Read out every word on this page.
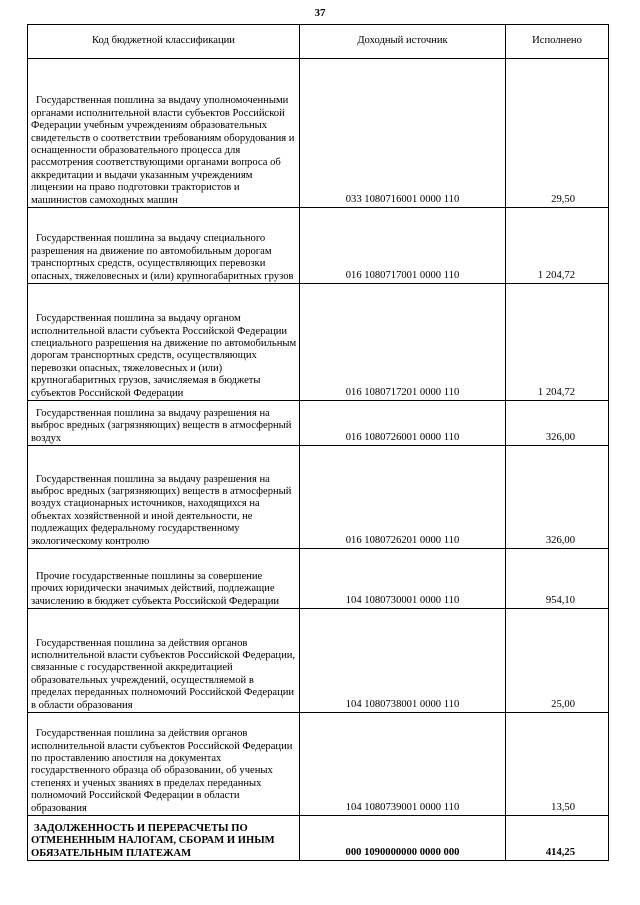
37
Код бюджетной классификации	Доходный источник	Исполнено

Государственная пошлина за выдачу уполномоченными органами исполнительной власти субъектов Российской Федерации учебным учреждениям образовательных свидетельств о соответствии требованиям оборудования и оснащенности образовательного процесса для рассмотрения соответствующими органами вопроса об аккредитации и выдачи указанным учреждениям лицензии на право подготовки трактористов и машинистов самоходных машин	033 1080716001 0000 110	29,50

Государственная пошлина за выдачу специального разрешения на движение по автомобильным дорогам транспортных средств, осуществляющих перевозки опасных, тяжеловесных и (или) крупногабаритных грузов	016 1080717001 0000 110	1 204,72

Государственная пошлина за выдачу органом исполнительной власти субъекта Российской Федерации специального разрешения на движение по автомобильным дорогам транспортных средств, осуществляющих перевозки опасных, тяжеловесных и (или) крупногабаритных грузов, зачисляемая в бюджеты субъектов Российской Федерации	016 1080717201 0000 110	1 204,72

Государственная пошлина за выдачу разрешения на выброс вредных (загрязняющих) веществ в атмосферный воздух	016 1080726001 0000 110	326,00

Государственная пошлина за выдачу разрешения на выброс вредных (загрязняющих) веществ в атмосферный воздух стационарных источников, находящихся на объектах хозяйственной и иной деятельности, не подлежащих федеральному государственному экологическому контролю	016 1080726201 0000 110	326,00

Прочие государственные пошлины за совершение прочих юридически значимых действий, подлежащие зачислению в бюджет субъекта Российской Федерации	104 1080730001 0000 110	954,10

Государственная пошлина за действия органов исполнительной власти субъектов Российской Федерации, связанные с государственной аккредитацией образовательных учреждений, осуществляемой в пределах переданных полномочий Российской Федерации в области образования	104 1080738001 0000 110	25,00

Государственная пошлина за действия органов исполнительной власти субъектов Российской Федерации по проставлению апостиля на документах государственного образца об образовании, об ученых степенях и ученых званиях в пределах переданных полномочий Российской Федерации в области образования	104 1080739001 0000 110	13,50

ЗАДОЛЖЕННОСТЬ И ПЕРЕРАСЧЕТЫ ПО ОТМЕНЕННЫМ НАЛОГАМ, СБОРАМ И ИНЫМ ОБЯЗАТЕЛЬНЫМ ПЛАТЕЖАМ	000 1090000000 0000 000	414,25
